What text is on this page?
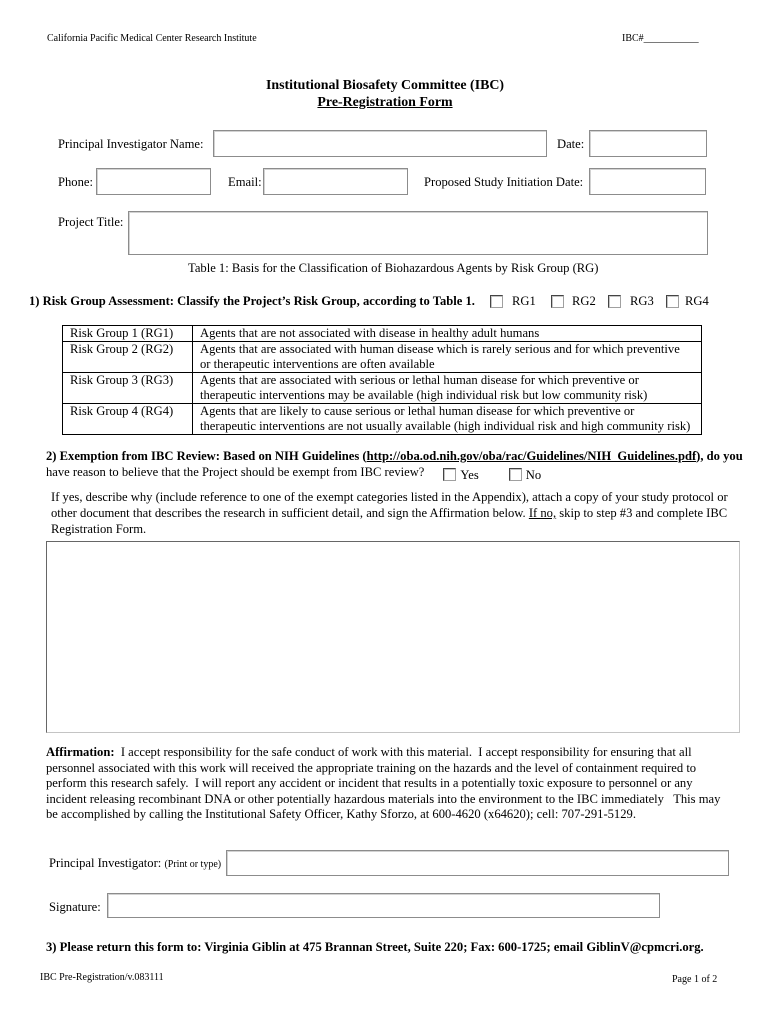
California Pacific Medical Center Research Institute	IBC#___________
Institutional Biosafety Committee (IBC)
Pre-Registration Form
Principal Investigator Name:	Date:
Phone:	Email:	Proposed Study Initiation Date:
Project Title:
Table 1: Basis for the Classification of Biohazardous Agents by Risk Group (RG)
1) Risk Group Assessment: Classify the Project’s Risk Group, according to Table 1.	RG1	RG2	RG3 RG4
Risk Group 1 (RG1)	Agents that are not associated with disease in healthy adult humans
Risk Group 2 (RG2)	Agents that are associated with human disease which is rarely serious and for which preventive or therapeutic interventions are often available
Risk Group 3 (RG3)	Agents that are associated with serious or lethal human disease for which preventive or therapeutic interventions may be available (high individual risk but low community risk)
Risk Group 4 (RG4)	Agents that are likely to cause serious or lethal human disease for which preventive or therapeutic interventions are not usually available (high individual risk and high community risk)
2) Exemption from IBC Review: Based on NIH Guidelines (http://oba.od.nih.gov/oba/rac/Guidelines/NIH_Guidelines.pdf), do you
have reason to believe that the Project should be exempt from IBC review?	Yes	No
If yes, describe why (include reference to one of the exempt categories listed in the Appendix), attach a copy of your study protocol or other document that describes the research in sufficient detail, and sign the Affirmation below. If no, skip to step #3 and complete IBC Registration Form.
Affirmation: I accept responsibility for the safe conduct of work with this material.  I accept responsibility for ensuring that all personnel associated with this work will received the appropriate training on the hazards and the level of containment required to perform this research safely.  I will report any accident or incident that results in a potentially toxic exposure to personnel or any incident releasing recombinant DNA or other potentially hazardous materials into the environment to the IBC immediately   This may be accomplished by calling the Institutional Safety Officer, Kathy Sforzo, at 600-4620 (x64620); cell: 707-291-5129.
Principal Investigator: (Print or type)
Signature:
3) Please return this form to: Virginia Giblin at 475 Brannan Street, Suite 220; Fax: 600-1725; email GiblinV@cpmcri.org.
IBC Pre-Registration/v.083111	Page 1 of 2
